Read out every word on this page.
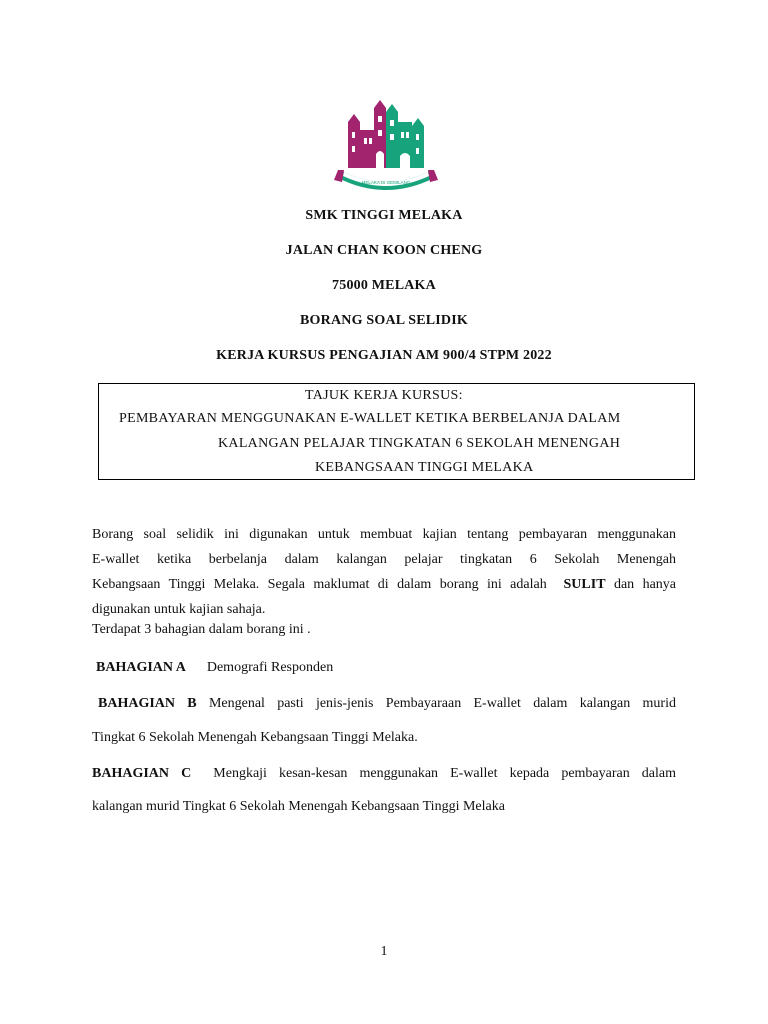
MELAKA DI GEMILANG
SMK TINGGI MELAKA
JALAN CHAN KOON CHENG
75000 MELAKA
BORANG SOAL SELIDIK
KERJA KURSUS PENGAJIAN AM 900/4 STPM 2022
TAJUK KERJA KURSUS:
PEMBAYARAN MENGGUNAKAN E-WALLET KETIKA BERBELANJA DALAM
KALANGAN PELAJAR TINGKATAN 6 SEKOLAH MENENGAH
KEBANGSAAN TINGGI MELAKA
Borang soal selidik ini digunakan untuk membuat kajian tentang pembayaran menggunakan
E-wallet ketika berbelanja dalam kalangan pelajar tingkatan 6 Sekolah Menengah
Kebangsaan Tinggi Melaka. Segala maklumat di dalam borang ini adalah SULIT dan hanya
digunakan untuk kajian sahaja.
Terdapat 3 bahagian dalam borang ini .
BAHAGIAN A Demografi Responden
BAHAGIAN B Mengenal pasti jenis-jenis Pembayaraan E-wallet dalam kalangan murid
Tingkat 6 Sekolah Menengah Kebangsaan Tinggi Melaka.
BAHAGIAN C Mengkaji kesan-kesan menggunakan E-wallet kepada pembayaran dalam
kalangan murid Tingkat 6 Sekolah Menengah Kebangsaan Tinggi Melaka
1
